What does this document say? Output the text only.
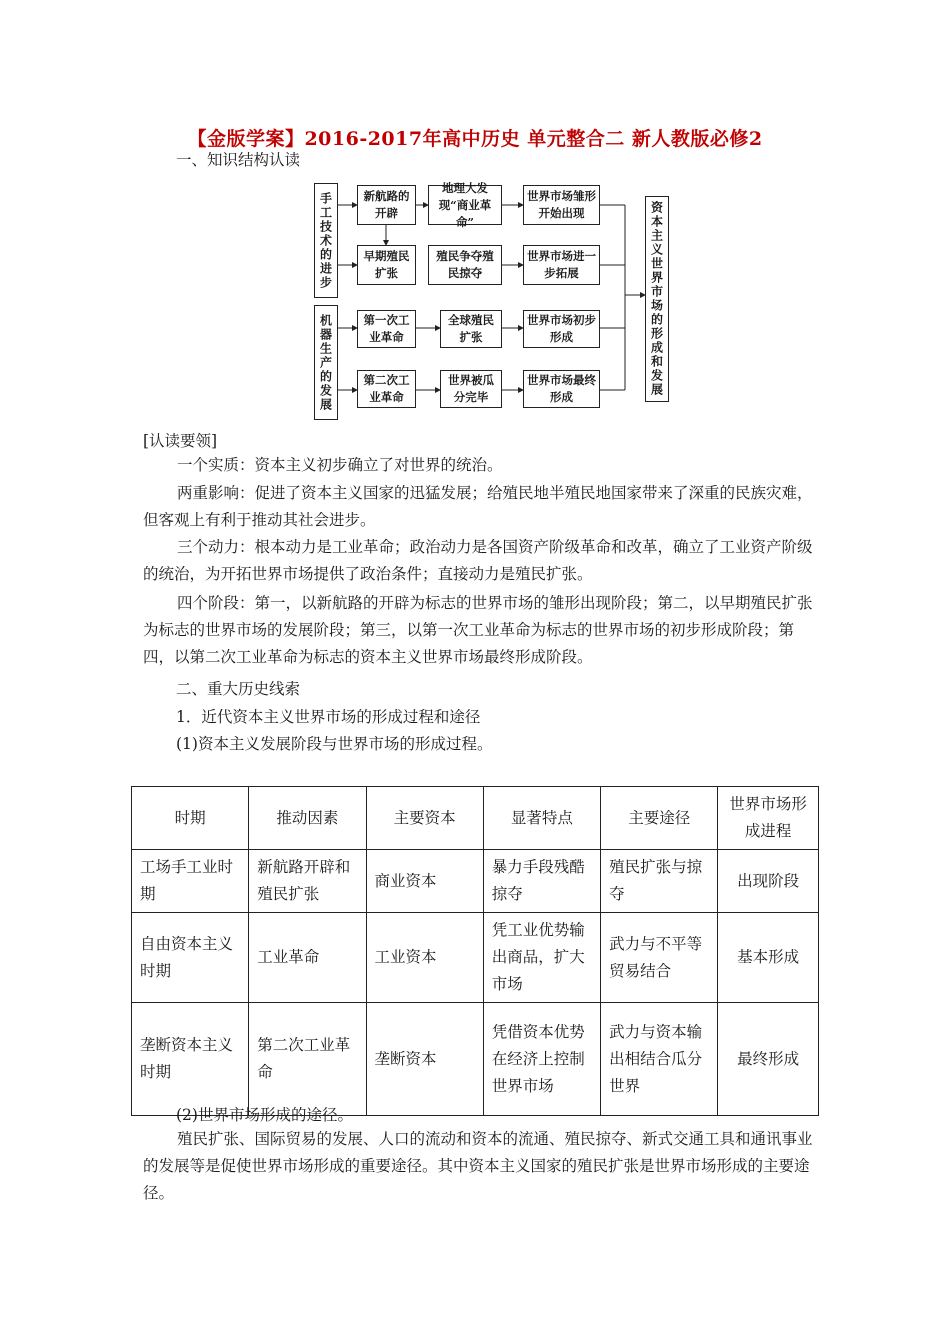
【金版学案】2016-2017年高中历史 单元整合二 新人教版必修2
一、知识结构认读
手工技术的进步
机器生产的发展
新航路的开辟
地理大发现“商业革命”
世界市场雏形开始出现
早期殖民扩张
殖民争夺殖民掠夺
世界市场进一步拓展
第一次工业革命
全球殖民扩张
世界市场初步形成
第二次工业革命
世界被瓜分完毕
世界市场最终形成	资本主义世界市场的形成和发展
[认读要领]

一个实质：资本主义初步确立了对世界的统治。

两重影响：促进了资本主义国家的迅猛发展；给殖民地半殖民地国家带来了深重的民族灾难，但客观上有利于推动其社会进步。

三个动力：根本动力是工业革命；政治动力是各国资产阶级革命和改革，确立了工业资产阶级的统治，为开拓世界市场提供了政治条件；直接动力是殖民扩张。

四个阶段：第一，以新航路的开辟为标志的世界市场的雏形出现阶段；第二，以早期殖民扩张为标志的世界市场的发展阶段；第三，以第一次工业革命为标志的世界市场的初步形成阶段；第四，以第二次工业革命为标志的资本主义世界市场最终形成阶段。

二、重大历史线索
1．近代资本主义世界市场的形成过程和途径
(1)资本主义发展阶段与世界市场的形成过程。
时期	推动因素	主要资本	显著特点	主要途径	世界市场形成进程
工场手工业时期	新航路开辟和殖民扩张	商业资本	暴力手段残酷掠夺	殖民扩张与掠夺	出现阶段
自由资本主义时期	工业革命	工业资本	凭工业优势输出商品，扩大市场	武力与不平等贸易结合	基本形成
垄断资本主义时期	第二次工业革命	垄断资本	凭借资本优势在经济上控制世界市场	武力与资本输出相结合瓜分世界	最终形成
(2)世界市场形成的途径。

殖民扩张、国际贸易的发展、人口的流动和资本的流通、殖民掠夺、新式交通工具和通讯事业的发展等是促使世界市场形成的重要途径。其中资本主义国家的殖民扩张是世界市场形成的主要途径。
